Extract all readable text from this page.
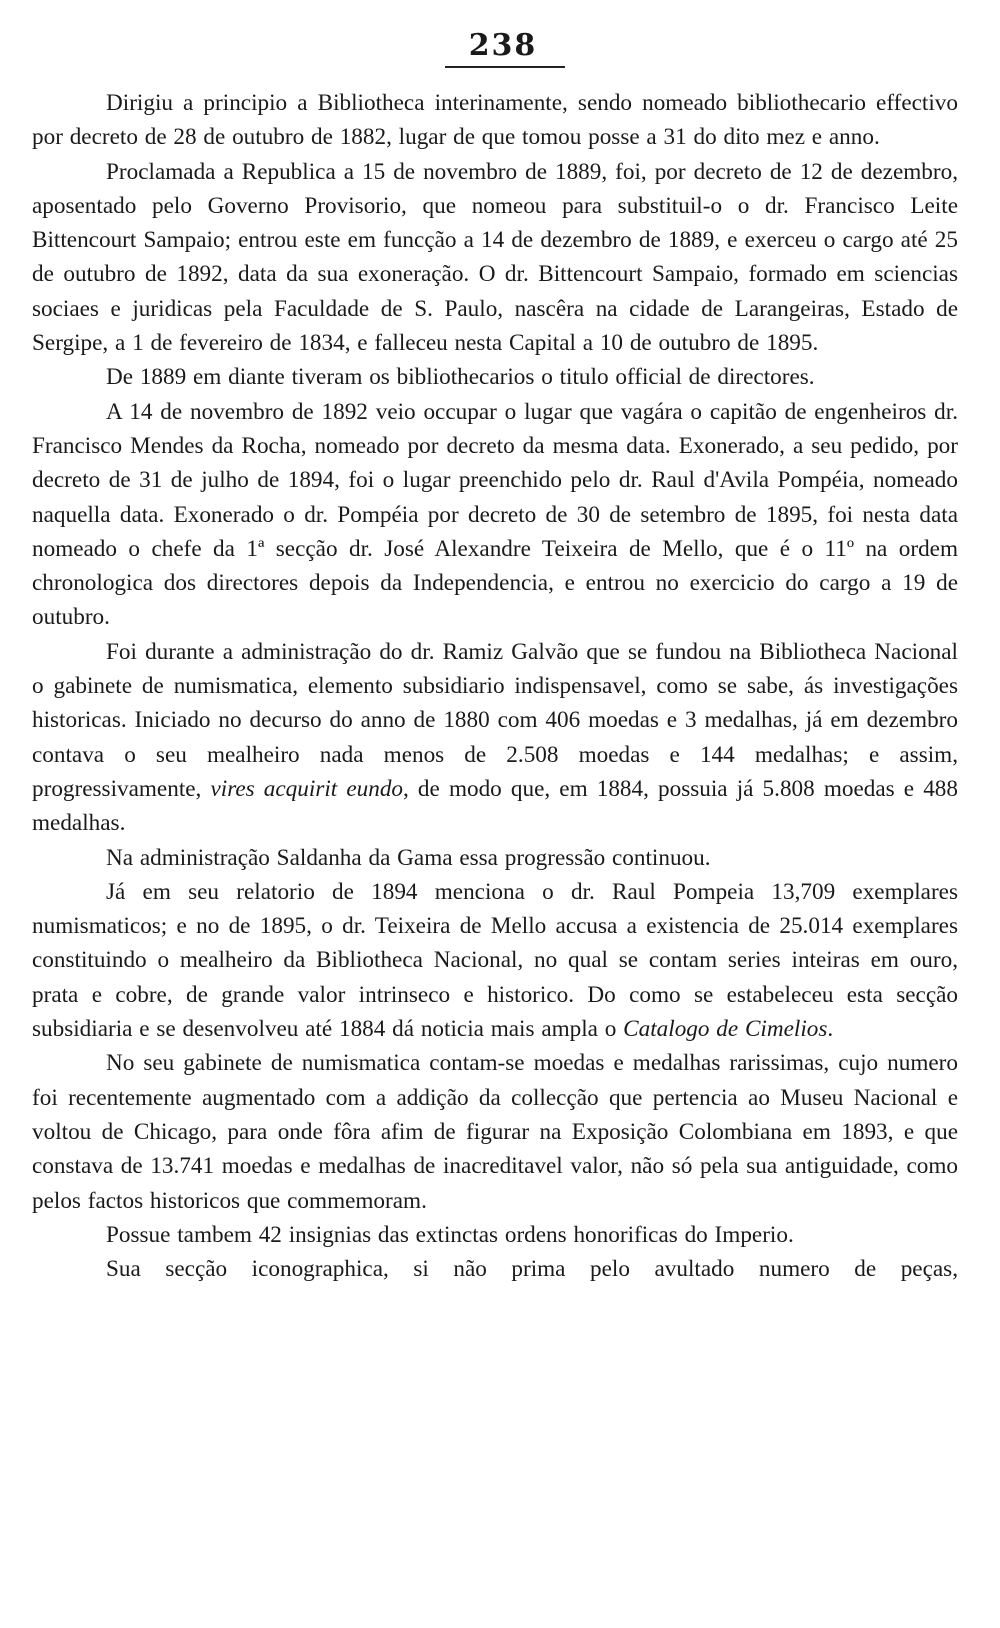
238

Dirigiu a principio a Bibliotheca interinamente, sendo nomeado bibliothecario effectivo por decreto de 28 de outubro de 1882, lugar de que tomou posse a 31 do dito mez e anno.

Proclamada a Republica a 15 de novembro de 1889, foi, por decreto de 12 de dezembro, aposentado pelo Governo Provisorio, que nomeou para substituil-o o dr. Francisco Leite Bittencourt Sampaio; entrou este em funcção a 14 de dezembro de 1889, e exerceu o cargo até 25 de outubro de 1892, data da sua exoneração. O dr. Bittencourt Sampaio, formado em sciencias sociaes e juridicas pela Faculdade de S. Paulo, nascêra na cidade de Larangeiras, Estado de Sergipe, a 1 de fevereiro de 1834, e falleceu nesta Capital a 10 de outubro de 1895.

De 1889 em diante tiveram os bibliothecarios o titulo official de directores.

A 14 de novembro de 1892 veio occupar o lugar que vagára o capitão de engenheiros dr. Francisco Mendes da Rocha, nomeado por decreto da mesma data. Exonerado, a seu pedido, por decreto de 31 de julho de 1894, foi o lugar preenchido pelo dr. Raul d'Avila Pompéia, nomeado naquella data. Exonerado o dr. Pompéia por decreto de 30 de setembro de 1895, foi nesta data nomeado o chefe da 1ª secção dr. José Alexandre Teixeira de Mello, que é o 11º na ordem chronologica dos directores depois da Independencia, e entrou no exercicio do cargo a 19 de outubro.

Foi durante a administração do dr. Ramiz Galvão que se fundou na Bibliotheca Nacional o gabinete de numismatica, elemento subsidiario indispensavel, como se sabe, ás investigações historicas. Iniciado no decurso do anno de 1880 com 406 moedas e 3 medalhas, já em dezembro contava o seu mealheiro nada menos de 2.508 moedas e 144 medalhas; e assim, progressivamente, vires acquirit eundo, de modo que, em 1884, possuia já 5.808 moedas e 488 medalhas.

Na administração Saldanha da Gama essa progressão continuou.

Já em seu relatorio de 1894 menciona o dr. Raul Pompeia 13,709 exemplares numismaticos; e no de 1895, o dr. Teixeira de Mello accusa a existencia de 25.014 exemplares constituindo o mealheiro da Bibliotheca Nacional, no qual se contam series inteiras em ouro, prata e cobre, de grande valor intrinseco e historico. Do como se estabeleceu esta secção subsidiaria e se desenvolveu até 1884 dá noticia mais ampla o Catalogo de Cimelios.

No seu gabinete de numismatica contam-se moedas e medalhas rarissimas, cujo numero foi recentemente augmentado com a addição da collecção que pertencia ao Museu Nacional e voltou de Chicago, para onde fôra afim de figurar na Exposição Colombiana em 1893, e que constava de 13.741 moedas e medalhas de inacreditavel valor, não só pela sua antiguidade, como pelos factos historicos que commemoram.

Possue tambem 42 insignias das extinctas ordens honorificas do Imperio.

Sua secção iconographica, si não prima pelo avultado numero de peças,
